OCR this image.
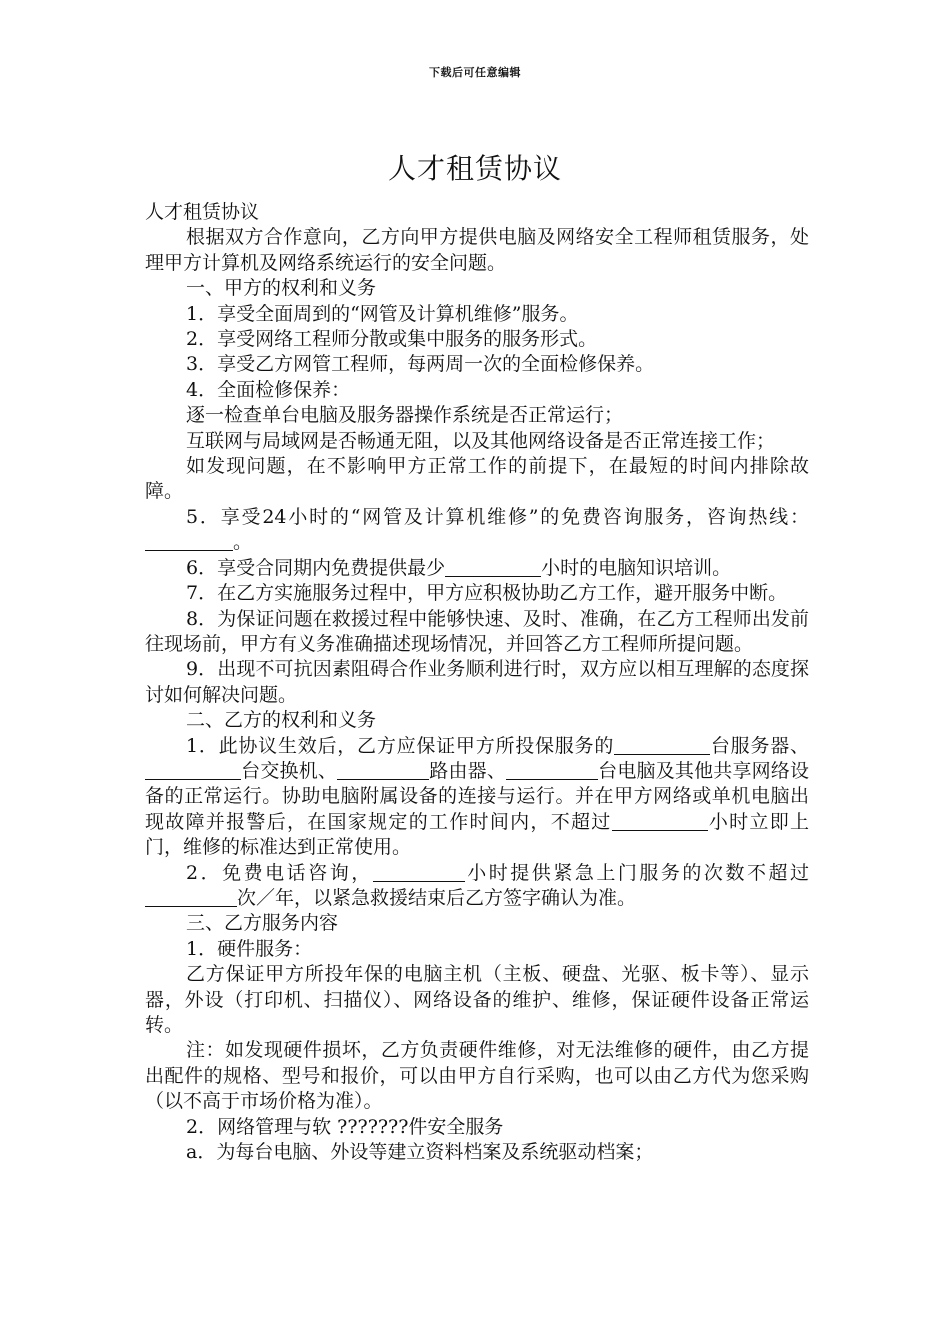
下载后可任意编辑
人才租赁协议

人才租赁协议

根据双方合作意向，乙方向甲方提供电脑及网络安全工程师租赁服务，处理甲方计算机及网络系统运行的安全问题。

一、甲方的权利和义务

1．享受全面周到的“网管及计算机维修”服务。

2．享受网络工程师分散或集中服务的服务形式。

3．享受乙方网管工程师，每两周一次的全面检修保养。

4．全面检修保养：

逐一检查单台电脑及服务器操作系统是否正常运行；

互联网与局域网是否畅通无阻，以及其他网络设备是否正常连接工作；

如发现问题，在不影响甲方正常工作的前提下，在最短的时间内排除故障。

5．享受24小时的“网管及计算机维修”的免费咨询服务，咨询热线：。

6．享受合同期内免费提供最少	小时的电脑知识培训。

7．在乙方实施服务过程中，甲方应积极协助乙方工作，避开服务中断。

8．为保证问题在救援过程中能够快速、及时、准确，在乙方工程师出发前往现场前，甲方有义务准确描述现场情况，并回答乙方工程师所提问题。

9．出现不可抗因素阻碍合作业务顺利进行时，双方应以相互理解的态度探讨如何解决问题。

二、乙方的权利和义务

1．此协议生效后，乙方应保证甲方所投保服务的	台服务器、台交换机、	路由器、	台电脑及其他共享网络设备的正常运行。协助电脑附属设备的连接与运行。并在甲方网络或单机电脑出现故障并报警后，在国家规定的工作时间内，不超过	小时立即上门，维修的标准达到正常使用。

2．免费电话咨询，	小时提供紧急上门服务的次数不超过次／年，以紧急救援结束后乙方签字确认为准。

三、乙方服务内容

1．硬件服务：

乙方保证甲方所投年保的电脑主机（主板、硬盘、光驱、板卡等）、显示器，外设（打印机、扫描仪）、网络设备的维护、维修，保证硬件设备正常运转。

注：如发现硬件损坏，乙方负责硬件维修，对无法维修的硬件，由乙方提出配件的规格、型号和报价，可以由甲方自行采购，也可以由乙方代为您采购（以不高于市场价格为准）。

2．网络管理与软 ???????件安全服务

a．为每台电脑、外设等建立资料档案及系统驱动档案；
